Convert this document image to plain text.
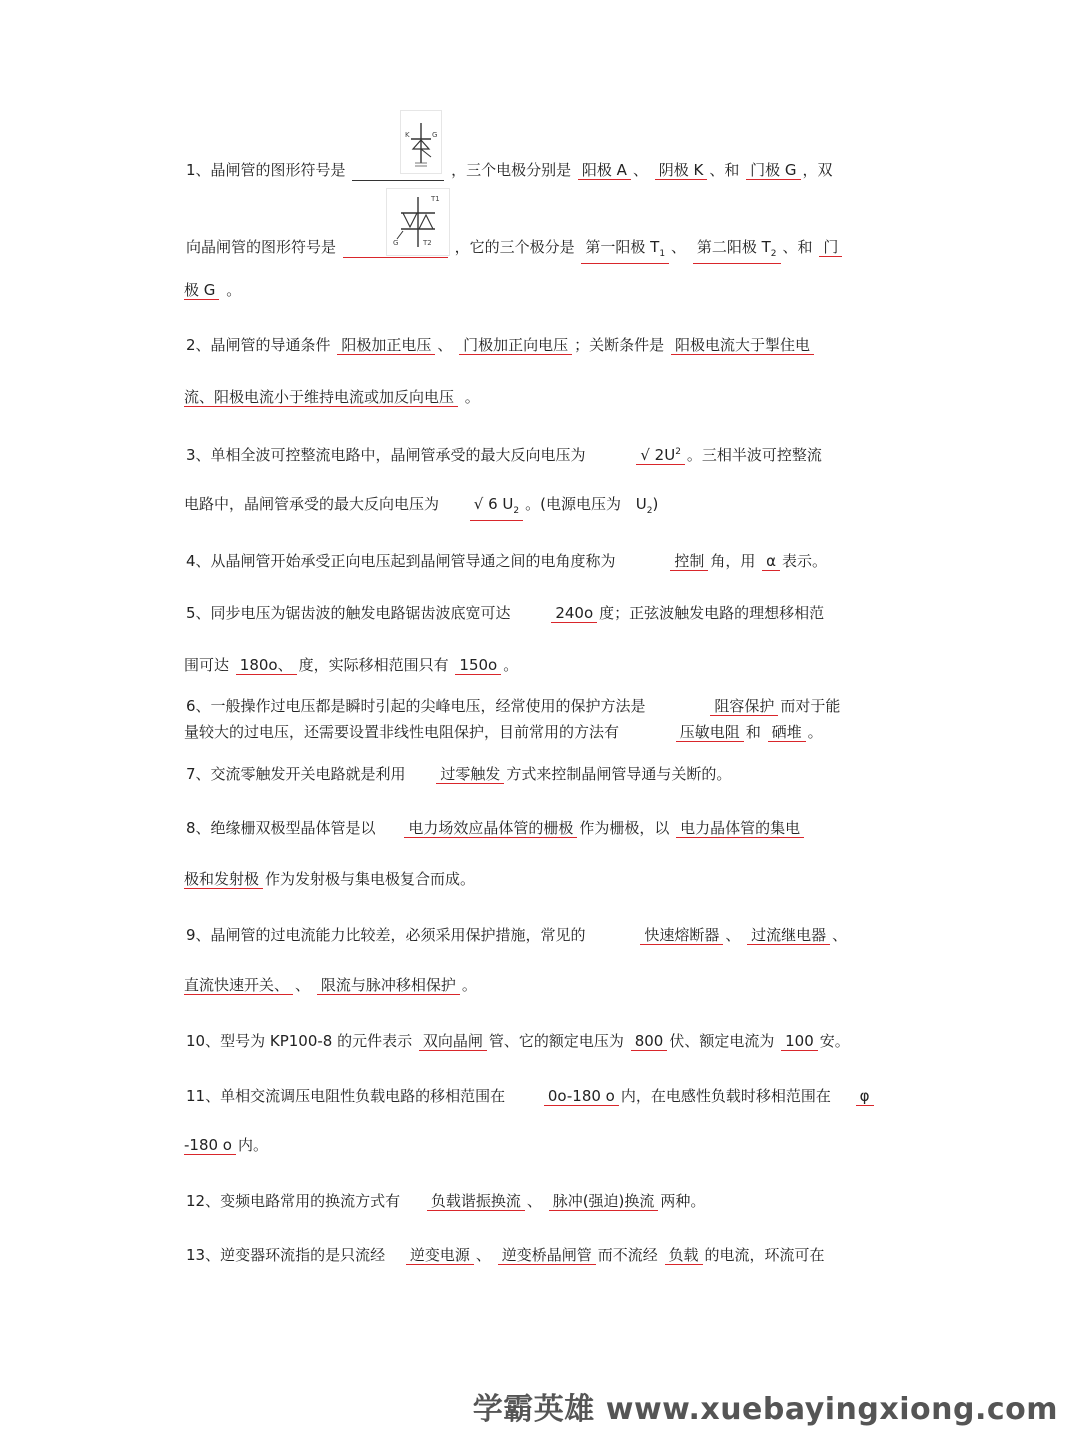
1、晶闸管的图形符号是	，三个电极分别是 阳极 A 、 阴极 K 、和 门极 G ，双
K	G
向晶闸管的图形符号是	，它的三个极分是 第一阳极 $T_1$ 、 第二阳极 $T_2$ 、和 门
T1
G	T2
极 G 。
2、晶闸管的导通条件 阳极加正电压 、 门极加正向电压 ；关断条件是 阳极电流大于掣住电
流、阳极电流小于维持电流或加反向电压 。
3、单相全波可控整流电路中，晶闸管承受的最大反向电压为	√ $2U^2$ 。三相半波可控整流
电路中，晶闸管承受的最大反向电压为 √ 6 $U_2$ 。(电源电压为 $U_2$)
4、从晶闸管开始承受正向电压起到晶闸管导通之间的电角度称为	控制 角，用 α 表示。
5、同步电压为锯齿波的触发电路锯齿波底宽可达	240o 度；正弦波触发电路的理想移相范
围可达 180o、 度，实际移相范围只有 150o 。
6、一般操作过电压都是瞬时引起的尖峰电压，经常使用的保护方法是	阻容保护 而对于能
量较大的过电压，还需要设置非线性电阻保护，目前常用的方法有	压敏电阻 和 硒堆 。
7、交流零触发开关电路就是利用 过零触发 方式来控制晶闸管导通与关断的。
8、绝缘栅双极型晶体管是以 电力场效应晶体管的栅极 作为栅极，以 电力晶体管的集电
极和发射极 作为发射极与集电极复合而成。
9、晶闸管的过电流能力比较差，必须采用保护措施，常见的	快速熔断器 、 过流继电器 、
直流快速开关、 、 限流与脉冲移相保护 。
10、型号为 KP100-8 的元件表示 双向晶闸 管、它的额定电压为 800 伏、额定电流为 100 安。
11、单相交流调压电阻性负载电路的移相范围在	0o-180 o 内，在电感性负载时移相范围在 φ
-180 o 内。
12、变频电路常用的换流方式有 负载谐振换流 、 脉冲(强迫)换流 两种。
13、逆变器环流指的是只流经 逆变电源 、 逆变桥晶闸管 而不流经 负载 的电流，环流可在
学霸英雄 www.xuebayingxiong.com
